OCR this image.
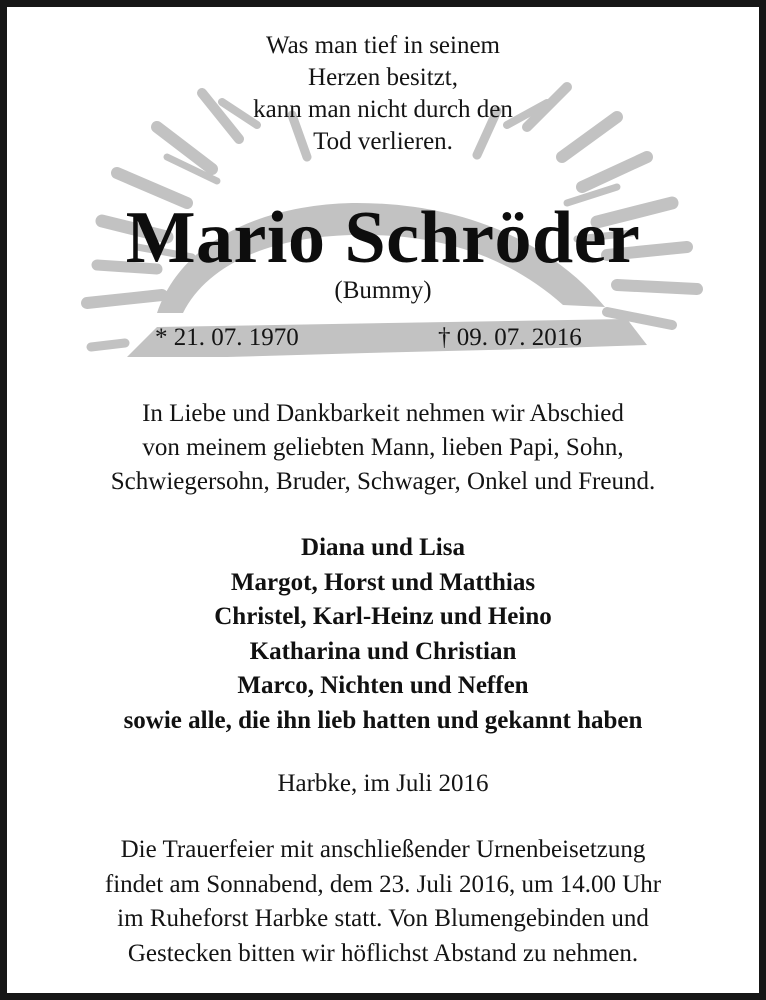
Was man tief in seinem
Herzen besitzt,
kann man nicht durch den
Tod verlieren.
Mario Schröder
(Bummy)
* 21. 07. 1970	† 09. 07. 2016
In Liebe und Dankbarkeit nehmen wir Abschied
von meinem geliebten Mann, lieben Papi, Sohn,
Schwiegersohn, Bruder, Schwager, Onkel und Freund.
Diana und Lisa
Margot, Horst und Matthias
Christel, Karl-Heinz und Heino
Katharina und Christian
Marco, Nichten und Neffen
sowie alle, die ihn lieb hatten und gekannt haben
Harbke, im Juli 2016
Die Trauerfeier mit anschließender Urnenbeisetzung
findet am Sonnabend, dem 23. Juli 2016, um 14.00 Uhr
im Ruheforst Harbke statt. Von Blumengebinden und
Gestecken bitten wir höflichst Abstand zu nehmen.
